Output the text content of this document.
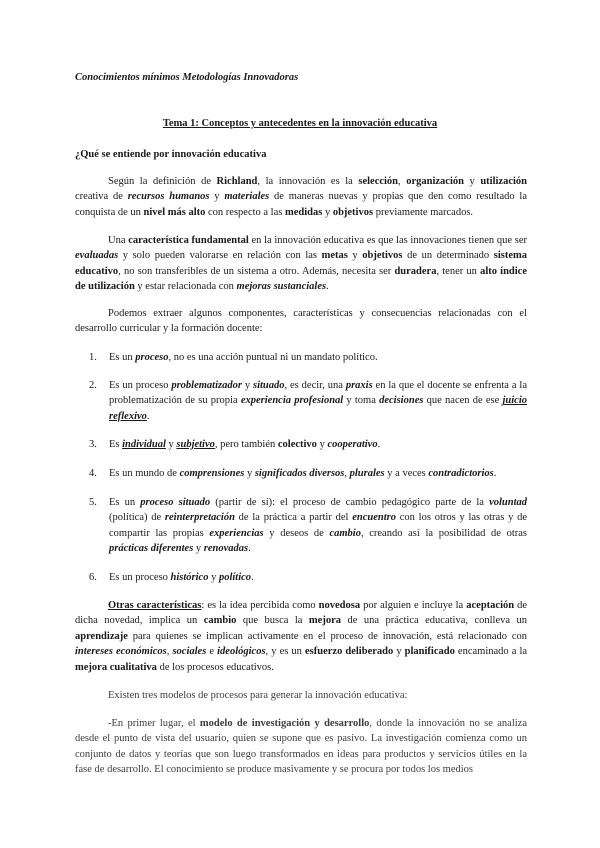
Conocimientos mínimos Metodologías Innovadoras
Tema 1: Conceptos y antecedentes en la innovación educativa
¿Qué se entiende por innovación educativa

Según la definición de Richland, la innovación es la selección, organización y utilización creativa de recursos humanos y materiales de maneras nuevas y propias que den como resultado la conquista de un nivel más alto con respecto a las medidas y objetivos previamente marcados.

Una característica fundamental en la innovación educativa es que las innovaciones tienen que ser evaluadas y solo pueden valorarse en relación con las metas y objetivos de un determinado sistema educativo, no son transferibles de un sistema a otro. Además, necesita ser duradera, tener un alto índice de utilización y estar relacionada con mejoras sustanciales.

Podemos extraer algunos componentes, características y consecuencias relacionadas con el desarrollo curricular y la formación docente:

1. Es un proceso, no es una acción puntual ni un mandato político.
2. Es un proceso problematizador y situado, es decir, una praxis en la que el docente se enfrenta a la problematización de su propia experiencia profesional y toma decisiones que nacen de ese juicio reflexivo.
3. Es individual y subjetivo, pero también colectivo y cooperativo.
4. Es un mundo de comprensiones y significados diversos, plurales y a veces contradictorios.
5. Es un proceso situado (partir de sí): el proceso de cambio pedagógico parte de la voluntad (política) de reinterpretación de la práctica a partir del encuentro con los otros y las otras y de compartir las propias experiencias y deseos de cambio, creando así la posibilidad de otras prácticas diferentes y renovadas.
6. Es un proceso histórico y político.

Otras características: es la idea percibida como novedosa por alguien e incluye la aceptación de dicha novedad, implica un cambio que busca la mejora de una práctica educativa, conlleva un aprendizaje para quienes se implican activamente en el proceso de innovación, está relacionado con intereses económicos, sociales e ideológicos, y es un esfuerzo deliberado y planificado encaminado a la mejora cualitativa de los procesos educativos.

Existen tres modelos de procesos para generar la innovación educativa:

-En primer lugar, el modelo de investigación y desarrollo, donde la innovación no se analiza desde el punto de vista del usuario, quien se supone que es pasivo. La investigación comienza como un conjunto de datos y teorías que son luego transformados en ideas para productos y servicios útiles en la fase de desarrollo. El conocimiento se produce masivamente y se procura por todos los medios
